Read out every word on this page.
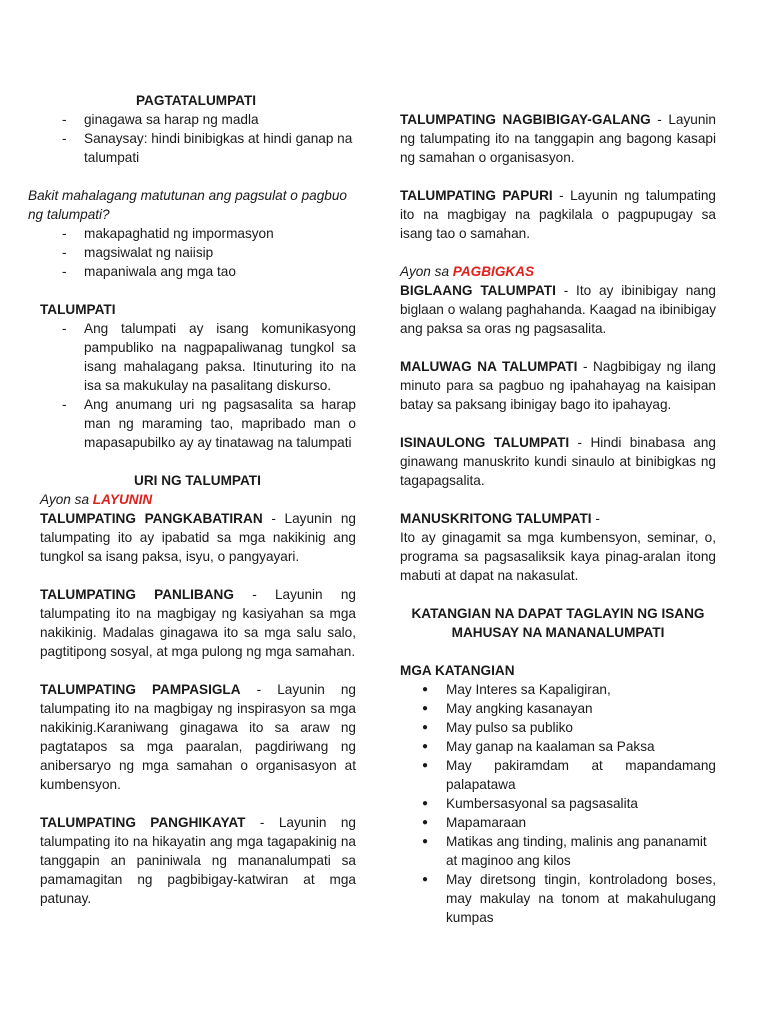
PAGTATALUMPATI

- ginagawa sa harap ng madla
- Sanaysay: hindi binibigkas at hindi ganap na talumpati

Bakit mahalagang matutunan ang pagsulat o pagbuo ng talumpati?

- makapaghatid ng impormasyon
- magsiwalat ng naiisip
- mapaniwala ang mga tao

TALUMPATI

- Ang talumpati ay isang komunikasyong pampubliko na nagpapaliwanag tungkol sa isang mahalagang paksa. Itinuturing ito na isa sa makukulay na pasalitang diskurso.
- Ang anumang uri ng pagsasalita sa harap man ng maraming tao, mapribado man o mapasapubilko ay ay tinatawag na talumpati

URI NG TALUMPATI

Ayon sa LAYUNIN

TALUMPATING PANGKABATIRAN - Layunin ng talumpating ito ay ipabatid sa mga nakikinig ang tungkol sa isang paksa, isyu, o pangyayari.

TALUMPATING PANLIBANG - Layunin ng talumpating ito na magbigay ng kasiyahan sa mga nakikinig. Madalas ginagawa ito sa mga salu salo, pagtitipong sosyal, at mga pulong ng mga samahan.

TALUMPATING PAMPASIGLA - Layunin ng talumpating ito na magbigay ng inspirasyon sa mga nakikinig.Karaniwang ginagawa ito sa araw ng pagtatapos sa mga paaralan, pagdiriwang ng anibersaryo ng mga samahan o organisasyon at kumbensyon.

TALUMPATING PANGHIKAYAT - Layunin ng talumpating ito na hikayatin ang mga tagapakinig na tanggapin an paniniwala ng mananalumpati sa pamamagitan ng pagbibigay-katwiran at mga patunay.

TALUMPATING NAGBIBIGAY-GALANG - Layunin ng talumpating ito na tanggapin ang bagong kasapi ng samahan o organisasyon.

TALUMPATING PAPURI - Layunin ng talumpating ito na magbigay na pagkilala o pagpupugay sa isang tao o samahan.

Ayon sa PAGBIGKAS

BIGLAANG TALUMPATI - Ito ay ibinibigay nang biglaan o walang paghahanda. Kaagad na ibinibigay ang paksa sa oras ng pagsasalita.

MALUWAG NA TALUMPATI - Nagbibigay ng ilang minuto para sa pagbuo ng ipahahayag na kaisipan batay sa paksang ibinigay bago ito ipahayag.

ISINAULONG TALUMPATI - Hindi binabasa ang ginawang manuskrito kundi sinaulo at binibigkas ng tagapagsalita.

MANUSKRITONG TALUMPATI -

Ito ay ginagamit sa mga kumbensyon, seminar, o, programa sa pagsasaliksik kaya pinag-aralan itong mabuti at dapat na nakasulat.

KATANGIAN NA DAPAT TAGLAYIN NG ISANG

MAHUSAY NA MANANALUMPATI

MGA KATANGIAN

● May Interes sa Kapaligiran,
● May angking kasanayan
● May pulso sa publiko
● May ganap na kaalaman sa Paksa
● May pakiramdam at mapandamang palapatawa
● Kumbersasyonal sa pagsasalita
● Mapamaraan
● Matikas ang tinding, malinis ang pananamit at maginoo ang kilos
● May diretsong tingin, kontroladong boses, may makulay na tonom at makahulugang kumpas
